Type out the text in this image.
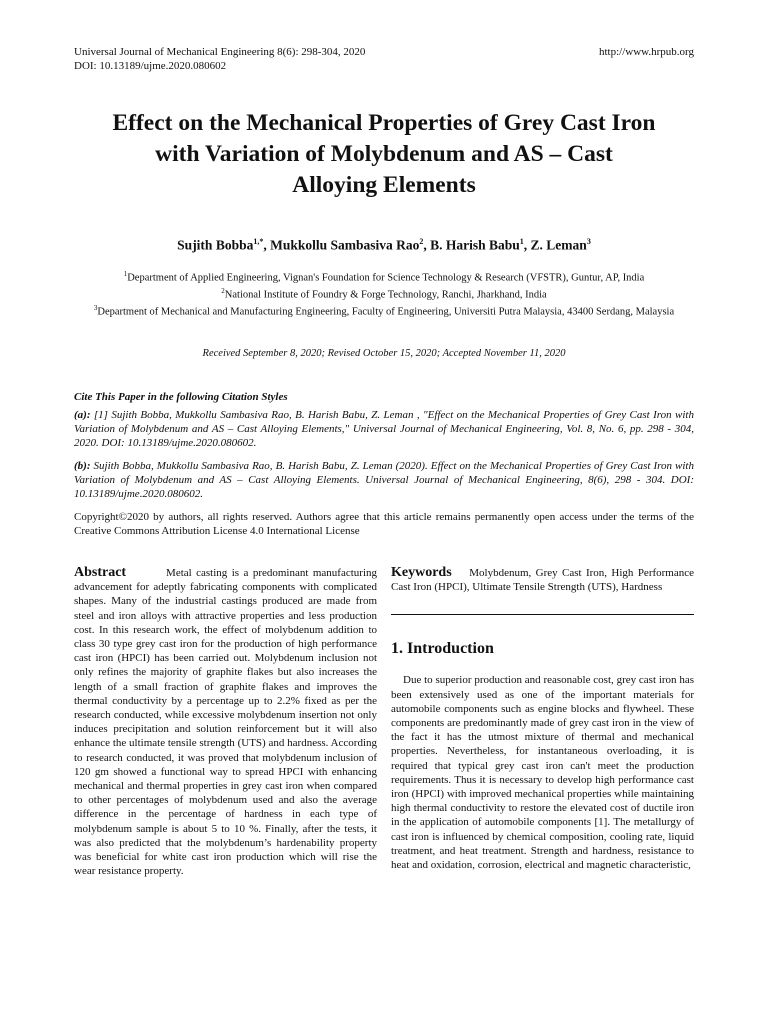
Universal Journal of Mechanical Engineering 8(6): 298-304, 2020
DOI: 10.13189/ujme.2020.080602
http://www.hrpub.org
Effect on the Mechanical Properties of Grey Cast Iron
with Variation of Molybdenum and AS – Cast
Alloying Elements
Sujith Bobba$^{1,*}$, Mukkollu Sambasiva Rao$^2$, B. Harish Babu$^1$, Z. Leman$^3$
$^1$Department of Applied Engineering, Vignan's Foundation for Science Technology & Research (VFSTR), Guntur, AP, India
$^2$National Institute of Foundry & Forge Technology, Ranchi, Jharkhand, India
$^3$Department of Mechanical and Manufacturing Engineering, Faculty of Engineering, Universiti Putra Malaysia, 43400 Serdang, Malaysia
Received September 8, 2020; Revised October 15, 2020; Accepted November 11, 2020
Cite This Paper in the following Citation Styles
(a): [1] Sujith Bobba, Mukkollu Sambasiva Rao, B. Harish Babu, Z. Leman , "Effect on the Mechanical Properties of Grey Cast Iron with Variation of Molybdenum and AS – Cast Alloying Elements," Universal Journal of Mechanical Engineering, Vol. 8, No. 6, pp. 298 - 304, 2020. DOI: 10.13189/ujme.2020.080602.
(b): Sujith Bobba, Mukkollu Sambasiva Rao, B. Harish Babu, Z. Leman (2020). Effect on the Mechanical Properties of Grey Cast Iron with Variation of Molybdenum and AS – Cast Alloying Elements. Universal Journal of Mechanical Engineering, 8(6), 298 - 304. DOI: 10.13189/ujme.2020.080602.
Copyright©2020 by authors, all rights reserved. Authors agree that this article remains permanently open access under the terms of the Creative Commons Attribution License 4.0 International License
Abstract	Metal casting is a predominant manufacturing advancement for adeptly fabricating components with complicated shapes. Many of the industrial castings produced are made from steel and iron alloys with attractive properties and less production cost. In this research work, the effect of molybdenum addition to class 30 type grey cast iron for the production of high performance cast iron (HPCI) has been carried out. Molybdenum inclusion not only refines the majority of graphite flakes but also increases the length of a small fraction of graphite flakes and improves the thermal conductivity by a percentage up to 2.2% fixed as per the research conducted, while excessive molybdenum insertion not only induces precipitation and solution reinforcement but it will also enhance the ultimate tensile strength (UTS) and hardness. According to research conducted, it was proved that molybdenum inclusion of 120 gm showed a functional way to spread HPCI with enhancing mechanical and thermal properties in grey cast iron when compared to other percentages of molybdenum used and also the average difference in the percentage of hardness in each type of molybdenum sample is about 5 to 10 %. Finally, after the tests, it was also predicted that the molybdenum’s hardenability property was beneficial for white cast iron production which will rise the wear resistance property.
Keywords Molybdenum, Grey Cast Iron, High Performance Cast Iron (HPCI), Ultimate Tensile Strength (UTS), Hardness
1. Introduction
Due to superior production and reasonable cost, grey cast iron has been extensively used as one of the important materials for automobile components such as engine blocks and flywheel. These components are predominantly made of grey cast iron in the view of the fact it has the utmost mixture of thermal and mechanical properties. Nevertheless, for instantaneous overloading, it is required that typical grey cast iron can't meet the production requirements. Thus it is necessary to develop high performance cast iron (HPCI) with improved mechanical properties while maintaining high thermal conductivity to restore the elevated cost of ductile iron in the application of automobile components [1]. The metallurgy of cast iron is influenced by chemical composition, cooling rate, liquid treatment, and heat treatment. Strength and hardness, resistance to heat and oxidation, corrosion, electrical and magnetic characteristic,
